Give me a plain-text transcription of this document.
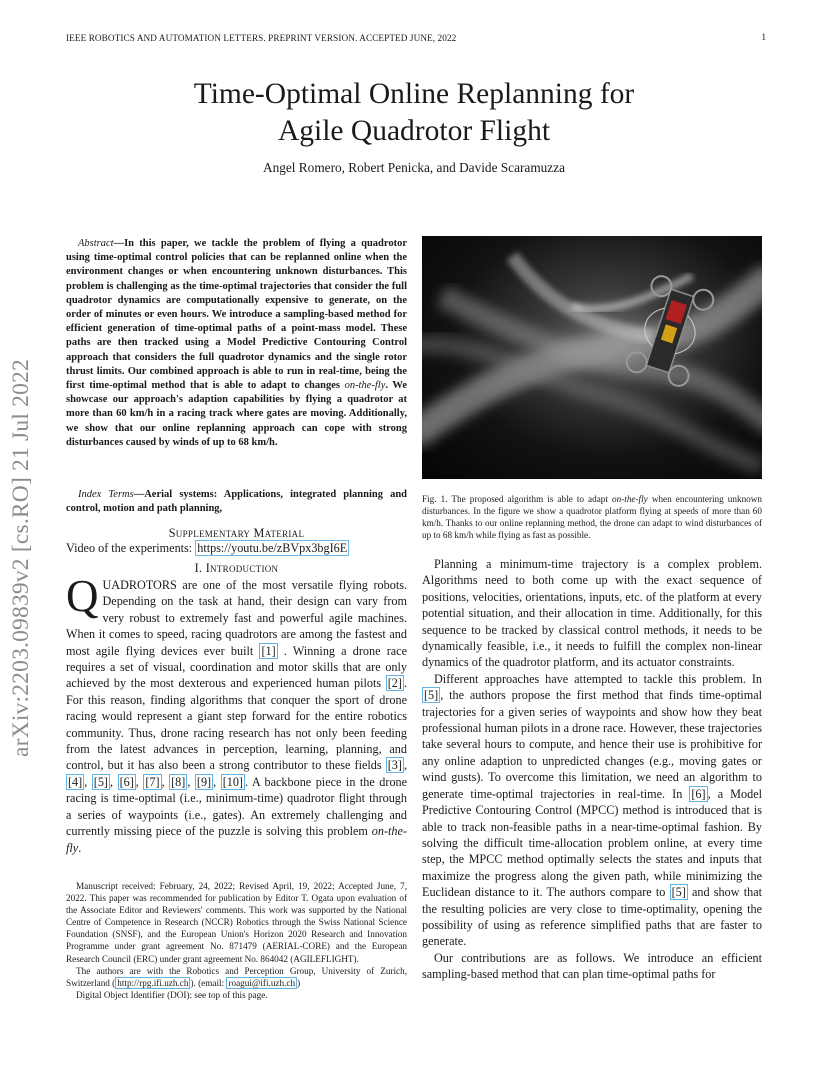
IEEE ROBOTICS AND AUTOMATION LETTERS. PREPRINT VERSION. ACCEPTED JUNE, 2022	1
Time-Optimal Online Replanning for
Agile Quadrotor Flight
Angel Romero, Robert Penicka, and Davide Scaramuzza
arXiv:2203.09839v2 [cs.RO] 21 Jul 2022
Abstract—In this paper, we tackle the problem of flying a quadrotor using time-optimal control policies that can be replanned online when the environment changes or when encountering unknown disturbances. This problem is challenging as the time-optimal trajectories that consider the full quadrotor dynamics are computationally expensive to generate, on the order of minutes or even hours. We introduce a sampling-based method for efficient generation of time-optimal paths of a point-mass model. These paths are then tracked using a Model Predictive Contouring Control approach that considers the full quadrotor dynamics and the single rotor thrust limits. Our combined approach is able to run in real-time, being the first time-optimal method that is able to adapt to changes on-the-fly. We showcase our approach's adaption capabilities by flying a quadrotor at more than 60 km/h in a racing track where gates are moving. Additionally, we show that our online replanning approach can cope with strong disturbances caused by winds of up to 68 km/h.
Index Terms—Aerial systems: Applications, integrated planning and control, motion and path planning,
Supplementary Material
Video of the experiments: https://youtu.be/zBVpx3bgI6E
I. Introduction
QUADROTORS are one of the most versatile flying robots. Depending on the task at hand, their design can vary from very robust to extremely fast and powerful agile machines. When it comes to speed, racing quadrotors are among the fastest and most agile flying devices ever built [1] . Winning a drone race requires a set of visual, coordination and motor skills that are only achieved by the most dexterous and experienced human pilots [2] . For this reason, finding algorithms that conquer the sport of drone racing would represent a giant step forward for the entire robotics community. Thus, drone racing research has not only been feeding from the latest advances in perception, learning, planning, and control, but it has also been a strong contributor to these fields [3] , [4] , [5] , [6] , [7] , [8] , [9] , [10] . A backbone piece in the drone racing is time-optimal (i.e., minimum-time) quadrotor flight through a series of waypoints (i.e., gates). An extremely challenging and currently missing piece of the puzzle is solving this problem on-the-fly.

Manuscript received: February, 24, 2022; Revised April, 19, 2022; Accepted June, 7, 2022. This paper was recommended for publication by Editor T. Ogata upon evaluation of the Associate Editor and Reviewers' comments. This work was supported by the National Centre of Competence in Research (NCCR) Robotics through the Swiss National Science Foundation (SNSF), and the European Union's Horizon 2020 Research and Innovation Programme under grant agreement No. 871479 (AERIAL-CORE) and the European Research Council (ERC) under grant agreement No. 864042 (AGILEFLIGHT).

The authors are with the Robotics and Perception Group, University of Zurich, Switzerland ( http://rpg.ifi.uzh.ch ). (email: roagui@ifi.uzh.ch )

Digital Object Identifier (DOI): see top of this page.

Fig. 1. The proposed algorithm is able to adapt on-the-fly when encountering unknown disturbances. In the figure we show a quadrotor platform flying at speeds of more than 60 km/h. Thanks to our online replanning method, the drone can adapt to wind disturbances of up to 68 km/h while flying as fast as possible.

Planning a minimum-time trajectory is a complex problem. Algorithms need to both come up with the exact sequence of positions, velocities, orientations, inputs, etc. of the platform at every potential situation, and their allocation in time. Additionally, for this sequence to be tracked by classical control methods, it needs to be dynamically feasible, i.e., it needs to fulfill the complex non-linear dynamics of the quadrotor platform, and its actuator constraints.

Different approaches have attempted to tackle this problem. In [5] , the authors propose the first method that finds time-optimal trajectories for a given series of waypoints and show how they beat professional human pilots in a drone race. However, these trajectories take several hours to compute, and hence their use is prohibitive for any online adaption to unpredicted changes (e.g., moving gates or wind gusts). To overcome this limitation, we need an algorithm to generate time-optimal trajectories in real-time. In [6] , a Model Predictive Contouring Control (MPCC) method is introduced that is able to track non-feasible paths in a near-time-optimal fashion. By solving the difficult time-allocation problem online, at every time step, the MPCC method optimally selects the states and inputs that maximize the progress along the given path, while minimizing the Euclidean distance to it. The authors compare to [5] and show that the resulting policies are very close to time-optimality, opening the possibility of using as reference simplified paths that are faster to generate.

Our contributions are as follows. We introduce an efficient sampling-based method that can plan time-optimal paths for
